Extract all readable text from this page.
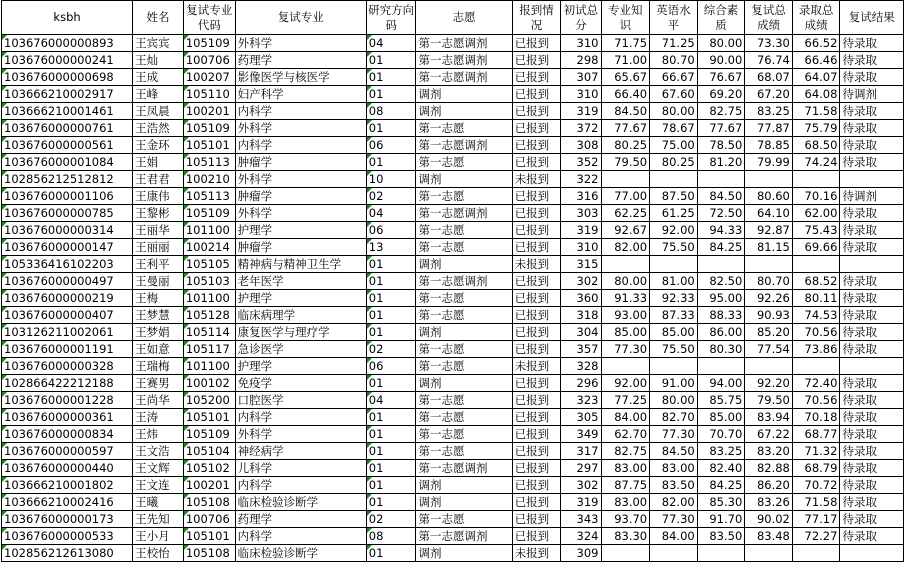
ksbh	姓名	复试专业代码	复试专业	研究方向码	志愿	报到情况	初试总分	专业知识	英语水平	综合素质	复试总成绩	录取总成绩	复试结果
103676000000893	王宾宾	105109	外科学	04	第一志愿调剂	已报到	310	71.75	71.25	80.00	73.30	66.52	待录取
103676000000241	王灿	100706	药理学	01	第一志愿调剂	已报到	298	71.00	80.70	90.00	76.74	66.46	待录取
103676000000698	王成	100207	影像医学与核医学	01	第一志愿调剂	已报到	307	65.67	66.67	76.67	68.07	64.07	待录取
103666210002917	王峰	105110	妇产科学	01	调剂	已报到	310	66.40	67.60	69.20	67.20	64.08	待调剂
103666210001461	王凤晨	100201	内科学	08	调剂	已报到	319	84.50	80.00	82.75	83.25	71.58	待录取
103676000000761	王浩然	105109	外科学	01	第一志愿	已报到	372	77.67	78.67	77.67	77.87	75.79	待录取
103676000000561	王金环	105101	内科学	06	第一志愿调剂	已报到	308	80.25	75.00	78.50	78.85	68.50	待录取
103676000001084	王娟	105113	肿瘤学	01	第一志愿	已报到	352	79.50	80.25	81.20	79.99	74.24	待录取
102856212512812	王君君	100210	外科学	10	调剂	未报到	322						
103676000001106	王康伟	105113	肿瘤学	02	第一志愿	已报到	316	77.00	87.50	84.50	80.60	70.16	待调剂
103676000000785	王黎彬	105109	外科学	04	第一志愿调剂	已报到	303	62.25	61.25	72.50	64.10	62.00	待录取
103676000000314	王丽华	101100	护理学	06	第一志愿	已报到	319	92.67	92.00	94.33	92.87	75.43	待录取
103676000000147	王丽丽	100214	肿瘤学	13	第一志愿	已报到	310	82.00	75.50	84.25	81.15	69.66	待录取
105336416102203	王利平	105105	精神病与精神卫生学	01	调剂	未报到	315						
103676000000497	王曼丽	105103	老年医学	01	第一志愿调剂	已报到	302	80.00	81.00	82.50	80.70	68.52	待录取
103676000000219	王梅	101100	护理学	01	第一志愿	已报到	360	91.33	92.33	95.00	92.26	80.11	待录取
103676000000407	王梦慧	105128	临床病理学	01	第一志愿	已报到	318	93.00	87.33	88.33	90.93	74.53	待录取
103126211002061	王梦娟	105114	康复医学与理疗学	01	调剂	已报到	304	85.00	85.00	86.00	85.20	70.56	待录取
103676000001191	王如意	105117	急诊医学	02	第一志愿	已报到	357	77.30	75.50	80.30	77.54	73.86	待录取
103676000000328	王瑞梅	101100	护理学	06	第一志愿	未报到	328						
102866422212188	王赛男	100102	免疫学	01	调剂	已报到	296	92.00	91.00	94.00	92.20	72.40	待录取
103676000001228	王尚华	105200	口腔医学	04	第一志愿	已报到	323	77.25	80.00	85.75	79.50	70.56	待录取
103676000000361	王涛	105101	内科学	01	第一志愿	已报到	305	84.00	82.70	85.00	83.94	70.18	待录取
103676000000834	王炜	105109	外科学	01	第一志愿	已报到	349	62.70	77.30	70.70	67.22	68.77	待录取
103676000000597	王文浩	105104	神经病学	01	第一志愿	已报到	317	82.75	84.50	83.25	83.20	71.32	待录取
103676000000440	王文辉	105102	儿科学	01	第一志愿调剂	已报到	297	83.00	83.00	82.40	82.88	68.79	待录取
103666210001802	王文连	100201	内科学	01	调剂	已报到	302	87.75	83.50	84.25	86.20	70.72	待录取
103666210002416	王曦	105108	临床检验诊断学	01	调剂	已报到	319	83.00	82.00	85.30	83.26	71.58	待录取
103676000000173	王先知	100706	药理学	02	第一志愿	已报到	343	93.70	77.30	91.70	90.02	77.17	待录取
103676000000533	王小月	105101	内科学	08	第一志愿调剂	已报到	324	83.30	84.00	83.50	83.48	72.27	待录取
102856212613080	王校怡	105108	临床检验诊断学	01	调剂	未报到	309						
